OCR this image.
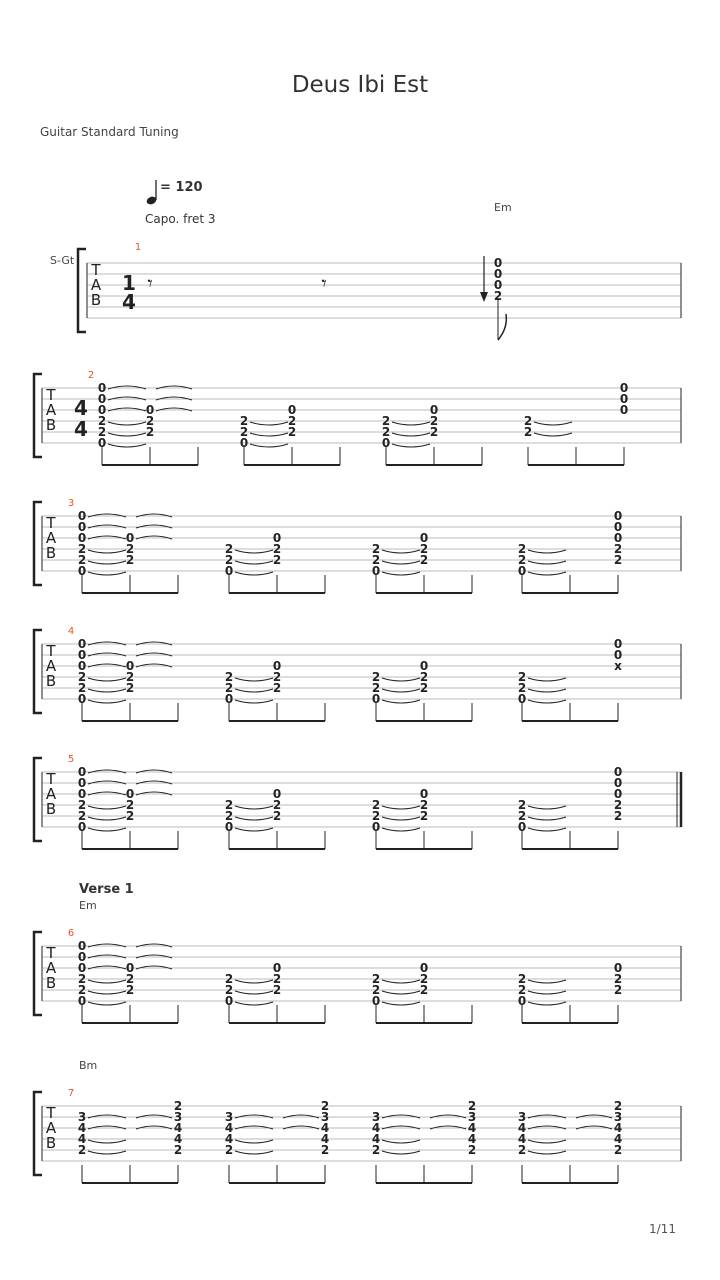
Deus Ibi Est
Guitar Standard Tuning
= 120
Capo. fret 3
Em
S-Gt
Verse 1
Em
Bm
1/11
T
A
B
T
A
B
T
A
B
T
A
B
T
A
B
T
A
B
T
A
B
1
4
4
4
1
2
3
4
5
6
7
𝄾	𝄾
0
0
0
2
0
0
0
2
2
0
0
2
2
2
2
0
0
2
2
2
2
0
0
2
2
2
2
0
0
0
0
0
0
2
2
0
0
2
2
2
2
0
0
2
2
2
2
0
0
2
2
2
2
0
0
0
0
2
2
0
0
0
2
2
0
0
2
2
2
2
0
0
2
2
2
2
0
0
2
2
2
2
0
0
0
x
0
0
0
2
2
0
0
2
2
2
2
0
0
2
2
2
2
0
0
2
2
2
2
0
0
0
0
2
2
0
0
0
2
2
0
0
2
2
2
2
0
0
2
2
2
2
0
0
2
2
2
2
0
0
2
2
3
4
4
2
2
3
4
4
2
3
4
4
2
2
3
4
4
2
3
4
4
2
2
3
4
4
2
3
4
4
2
2
3
4
4
2
